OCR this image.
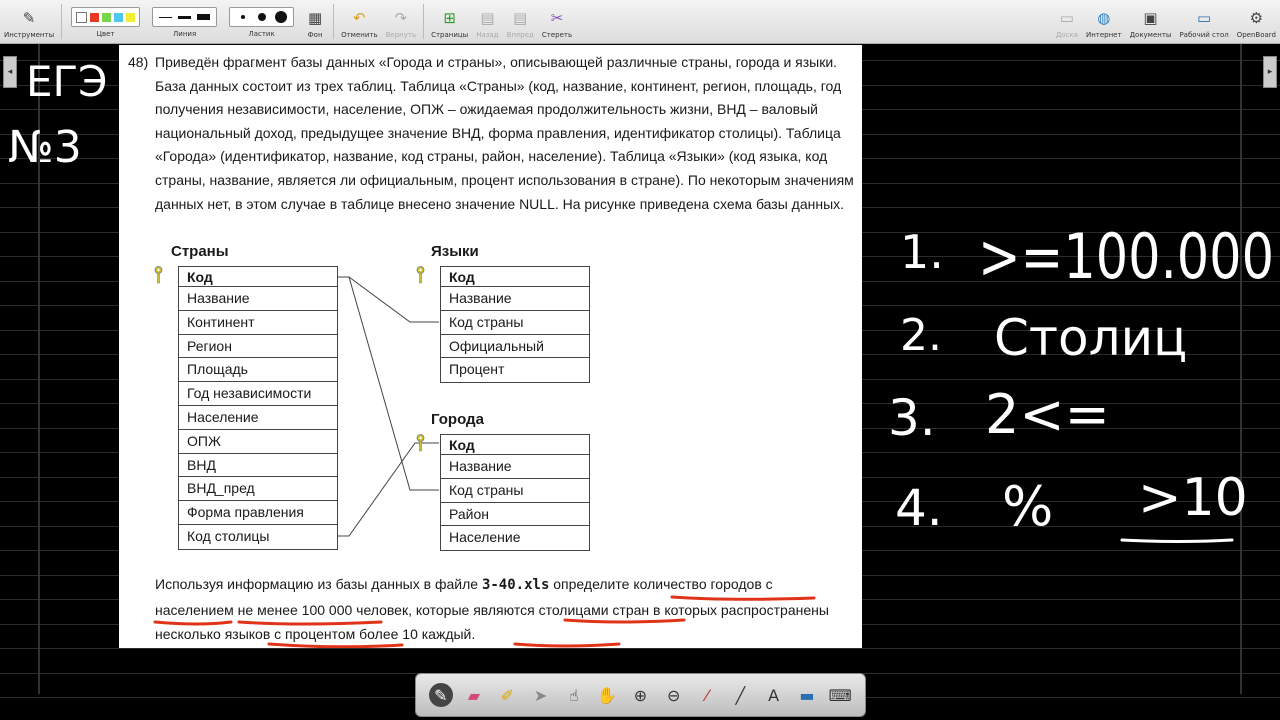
✎
Инструменты	Цвет	Линия	Ластик
▦
Фон
↶
Отменить
↷
Вернуть
⊞
Страницы
▤
Назад
▤
Вперед
✂
Стереть
▭
Доска
◍
Интернет
▣
Документы
▭
Рабочий стол
⚙
OpenBoard
◂	▸
48) Приведён фрагмент базы данных «Города и страны», описывающей различные страны, города и языки. База данных состоит из трех таблиц. Таблица «Страны» (код, название, континент, регион, площадь, год получения независимости, население, ОПЖ – ожидаемая продолжительность жизни, ВНД – валовый национальный доход, предыдущее значение ВНД, форма правления, идентификатор столицы). Таблица «Города» (идентификатор, название, код страны, район, население). Таблица «Языки» (код языка, код страны, название, является ли официальным, процент использования в стране). По некоторым значениям данных нет, в этом случае в таблице внесено значение NULL. На рисунке приведена схема базы данных.
Страны
Код
Название
Континент
Регион
Площадь
Год независимости
Население
ОПЖ
ВНД
ВНД_пред
Форма правления
Код столицы
Языки
Код
Название
Код страны
Официальный
Процент
Города
Код
Название
Код страны
Район
Население
Используя информацию из базы данных в файле 3-40.xls определите количество городов с населением не менее 100 000 человек, которые являются столицами стран в которых распространены несколько языков с процентом более 10 каждый.
ЕГЭ
№3
1. >=100.000
2. Столиц
3. 2<=
4. % >10
✎ ▰ ✐ ➤ ☝ ✋ ⊕ ⊖ ⁄ ╱ A ▬ ⌨
